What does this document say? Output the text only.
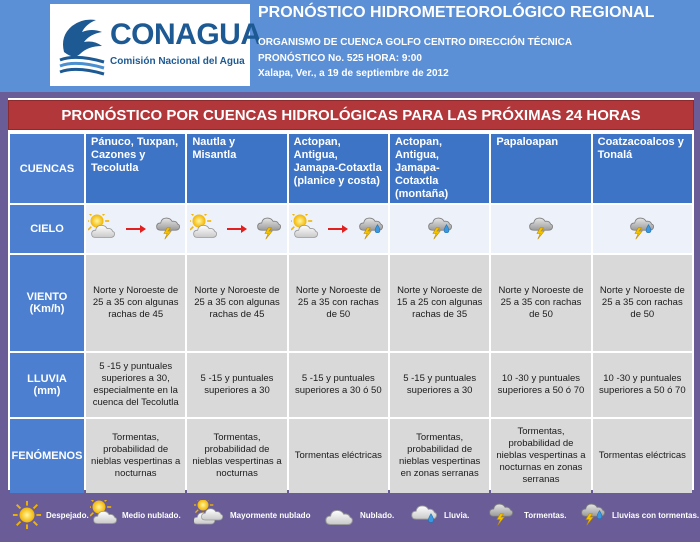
CONAGUA
Comisión Nacional del Agua
PRONÓSTICO HIDROMETEOROLÓGICO REGIONAL
ORGANISMO DE CUENCA GOLFO CENTRO DIRECCIÓN TÉCNICA
PRONÓSTICO No. 525 HORA: 9:00
Xalapa, Ver., a 19 de septiembre de 2012
PRONÓSTICO POR CUENCAS HIDROLÓGICAS PARA LAS PRÓXIMAS 24 HORAS
CUENCAS	Pánuco, Tuxpan, Cazones y Tecolutla	Nautla y Misantla	Actopan, Antigua, Jamapa-Cotaxtla (planice y costa)	Actopan, Antigua, Jamapa- Cotaxtla (montaña)	Papaloapan	Coatzacoalcos y Tonalá
CIELO						
VIENTO
(Km/h)	Norte y Noroeste de 25 a 35 con algunas rachas de 45	Norte y Noroeste de 25 a 35 con algunas rachas de 45	Norte y Noroeste de 25 a 35 con rachas de 50	Norte y Noroeste de 15 a 25 con algunas rachas de 35	Norte y Noroeste de 25 a 35 con rachas de 50	Norte y Noroeste de 25 a 35 con rachas de 50
LLUVIA
(mm)	5 -15 y puntuales superiores a 30, especialmente en la cuenca del Tecolutla	5 -15 y puntuales superiores a 30	5 -15 y puntuales superiores a 30 ó 50	5 -15 y puntuales superiores a 30	10 -30 y puntuales superiores a 50 ó 70	10 -30 y puntuales superiores a 50 ó 70
FENÓMENOS	Tormentas, probabilidad de nieblas vespertinas a nocturnas	Tormentas, probabilidad de nieblas vespertinas a nocturnas	Tormentas eléctricas	Tormentas, probabilidad de nieblas vespertinas en zonas serranas	Tormentas, probabilidad de nieblas vespertinas a nocturnas en zonas serranas	Tormentas eléctricas
Despejado.	Medio nublado.	Mayormente nublado	Nublado.	Lluvia.	Tormentas.	Lluvias con tormentas.
